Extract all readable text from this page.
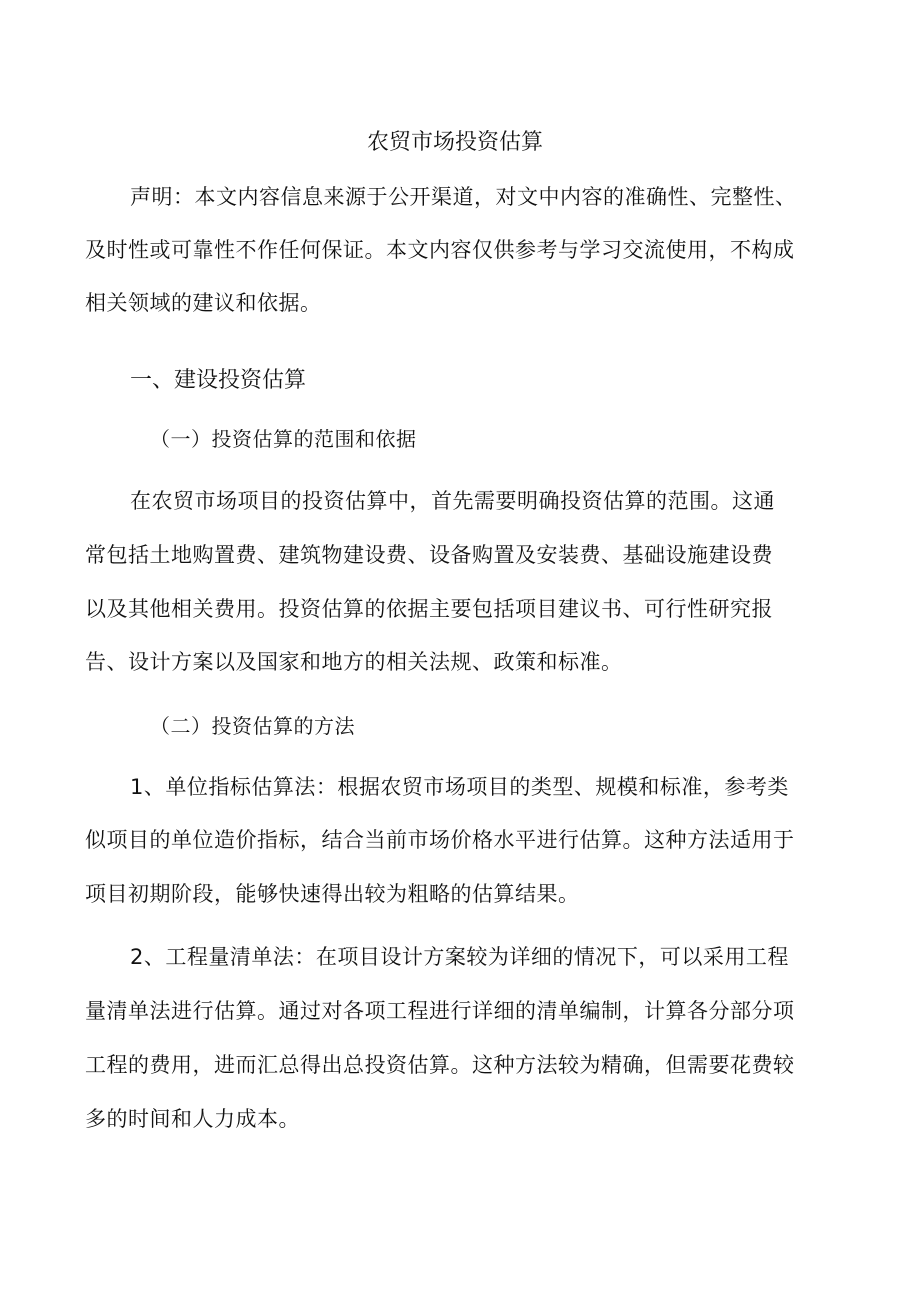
农贸市场投资估算
声明：本文内容信息来源于公开渠道，对文中内容的准确性、完整性、
及时性或可靠性不作任何保证。本文内容仅供参考与学习交流使用，不构成
相关领域的建议和依据。
一、建设投资估算
（一）投资估算的范围和依据
在农贸市场项目的投资估算中，首先需要明确投资估算的范围。这通
常包括土地购置费、建筑物建设费、设备购置及安装费、基础设施建设费
以及其他相关费用。投资估算的依据主要包括项目建议书、可行性研究报
告、设计方案以及国家和地方的相关法规、政策和标准。
（二）投资估算的方法
1、单位指标估算法：根据农贸市场项目的类型、规模和标准，参考类
似项目的单位造价指标，结合当前市场价格水平进行估算。这种方法适用于
项目初期阶段，能够快速得出较为粗略的估算结果。
2、工程量清单法：在项目设计方案较为详细的情况下，可以采用工程
量清单法进行估算。通过对各项工程进行详细的清单编制，计算各分部分项
工程的费用，进而汇总得出总投资估算。这种方法较为精确，但需要花费较
多的时间和人力成本。
